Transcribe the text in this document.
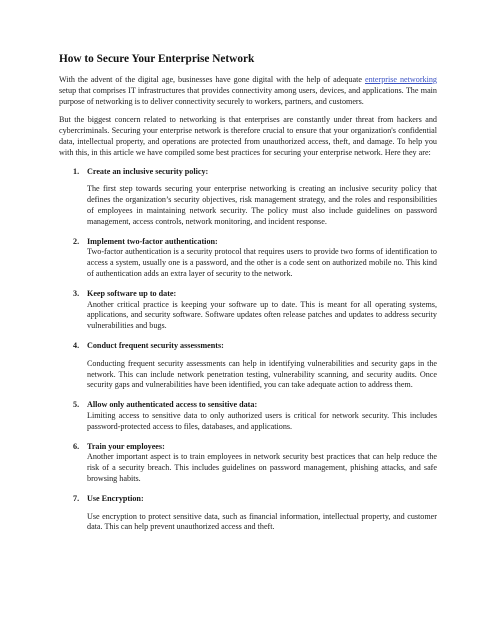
How to Secure Your Enterprise Network

With the advent of the digital age, businesses have gone digital with the help of adequate enterprise networking setup that comprises IT infrastructures that provides connectivity among users, devices, and applications. The main purpose of networking is to deliver connectivity securely to workers, partners, and customers.

But the biggest concern related to networking is that enterprises are constantly under threat from hackers and cybercriminals. Securing your enterprise network is therefore crucial to ensure that your organization's confidential data, intellectual property, and operations are protected from unauthorized access, theft, and damage. To help you with this, in this article we have compiled some best practices for securing your enterprise network. Here they are:

1. Create an inclusive security policy:
The first step towards securing your enterprise networking is creating an inclusive security policy that defines the organization’s security objectives, risk management strategy, and the roles and responsibilities of employees in maintaining network security. The policy must also include guidelines on password management, access controls, network monitoring, and incident response.
2. Implement two-factor authentication:
Two-factor authentication is a security protocol that requires users to provide two forms of identification to access a system, usually one is a password, and the other is a code sent on authorized mobile no. This kind of authentication adds an extra layer of security to the network.
3. Keep software up to date:
Another critical practice is keeping your software up to date. This is meant for all operating systems, applications, and security software. Software updates often release patches and updates to address security vulnerabilities and bugs.
4. Conduct frequent security assessments:
Conducting frequent security assessments can help in identifying vulnerabilities and security gaps in the network. This can include network penetration testing, vulnerability scanning, and security audits. Once security gaps and vulnerabilities have been identified, you can take adequate action to address them.
5. Allow only authenticated access to sensitive data:
Limiting access to sensitive data to only authorized users is critical for network security. This includes password-protected access to files, databases, and applications.
6. Train your employees:
Another important aspect is to train employees in network security best practices that can help reduce the risk of a security breach. This includes guidelines on password management, phishing attacks, and safe browsing habits.
7. Use Encryption:
Use encryption to protect sensitive data, such as financial information, intellectual property, and customer data. This can help prevent unauthorized access and theft.
